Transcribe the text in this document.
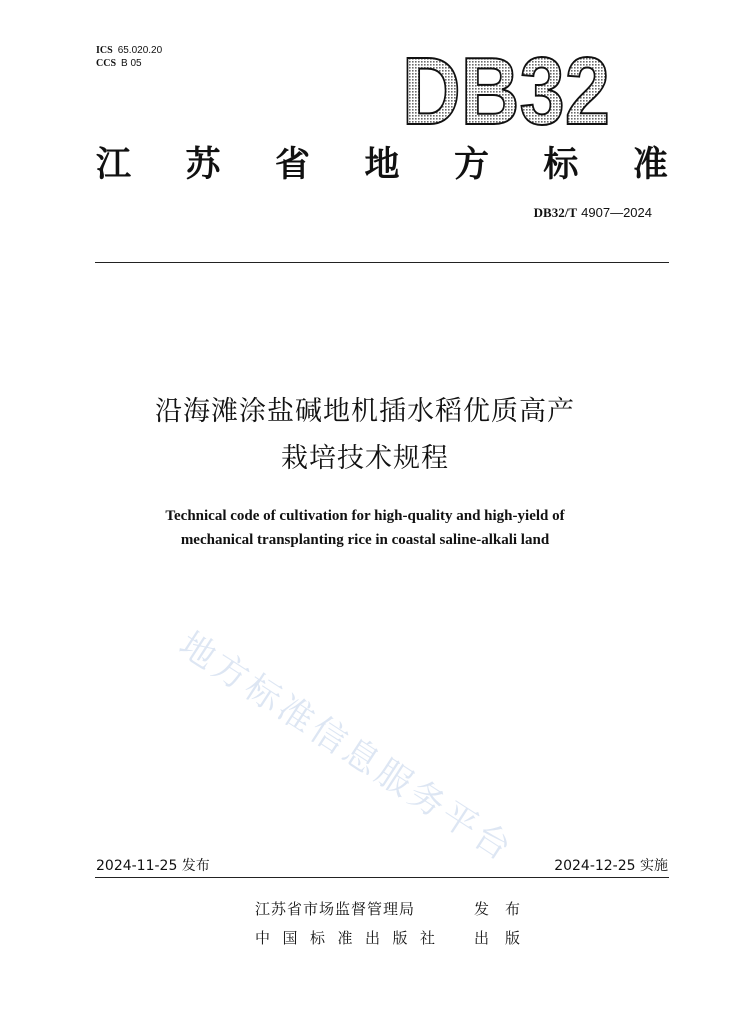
ICS 65.020.20
CCS B 05	DB32
江 苏 省 地 方 标 准
DB32/T 4907—2024
沿海滩涂盐碱地机插水稻优质高产
栽培技术规程
Technical code of cultivation for high-quality and high-yield of
mechanical transplanting rice in coastal saline-alkali land
地方标准信息服务平台
2024-11-25 发布	2024-12-25 实施
江苏省市场监督管理局	发布
中国标准出版社 出版
